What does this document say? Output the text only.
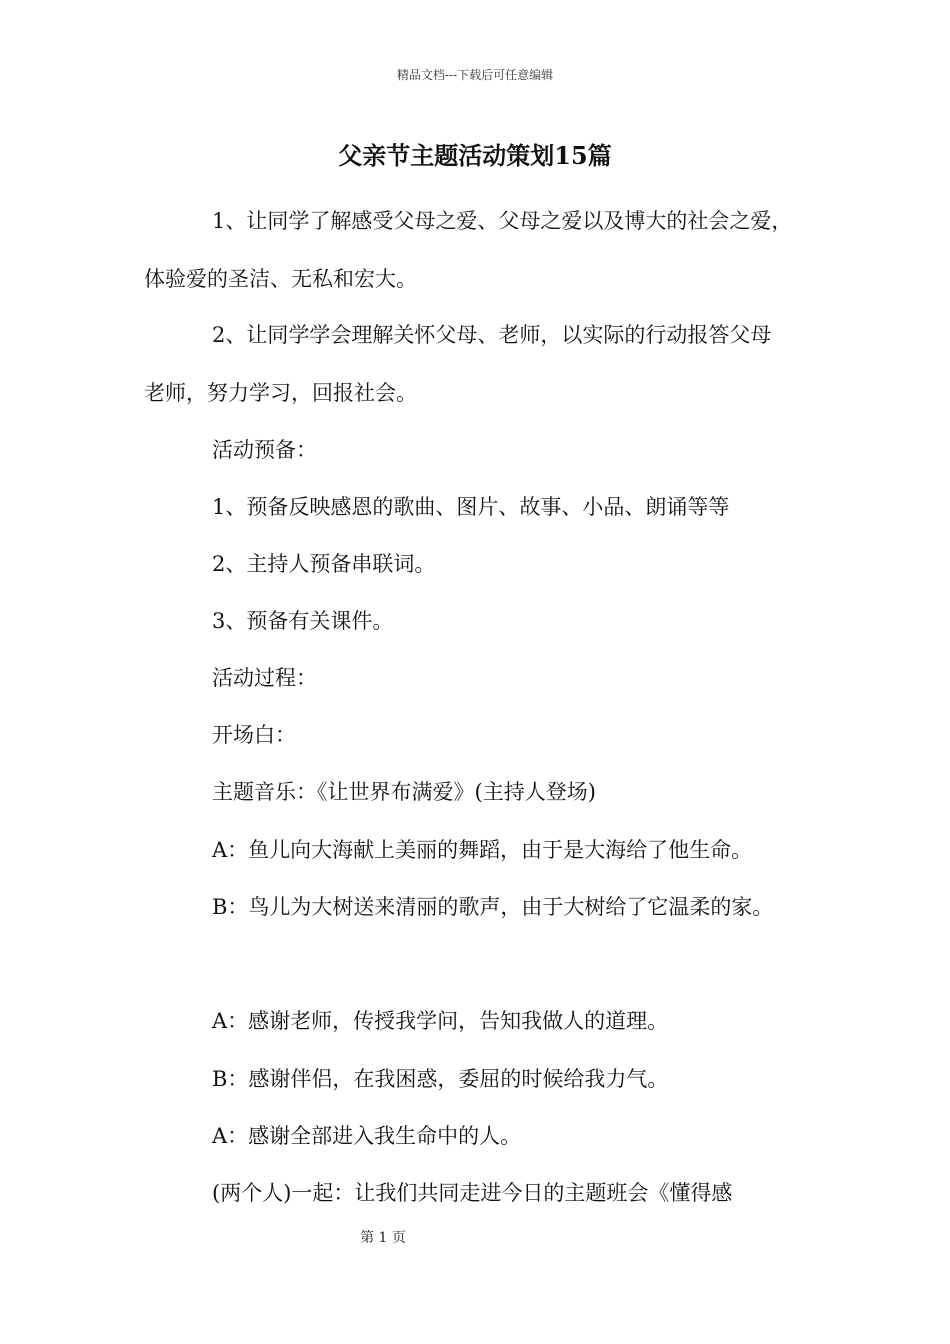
精品文档---下载后可任意编辑
父亲节主题活动策划15篇
1、让同学了解感受父母之爱、父母之爱以及博大的社会之爱，
体验爱的圣洁、无私和宏大。
2、让同学学会理解关怀父母、老师，以实际的行动报答父母
老师，努力学习，回报社会。
活动预备：
1、预备反映感恩的歌曲、图片、故事、小品、朗诵等等
2、主持人预备串联词。
3、预备有关课件。
活动过程：
开场白：
主题音乐：《让世界布满爱》(主持人登场)
A：鱼儿向大海献上美丽的舞蹈，由于是大海给了他生命。
B：鸟儿为大树送来清丽的歌声，由于大树给了它温柔的家。
A：感谢老师，传授我学问，告知我做人的道理。
B：感谢伴侣，在我困惑，委屈的时候给我力气。
A：感谢全部进入我生命中的人。
(两个人)一起：让我们共同走进今日的主题班会《懂得感
第 1 页
